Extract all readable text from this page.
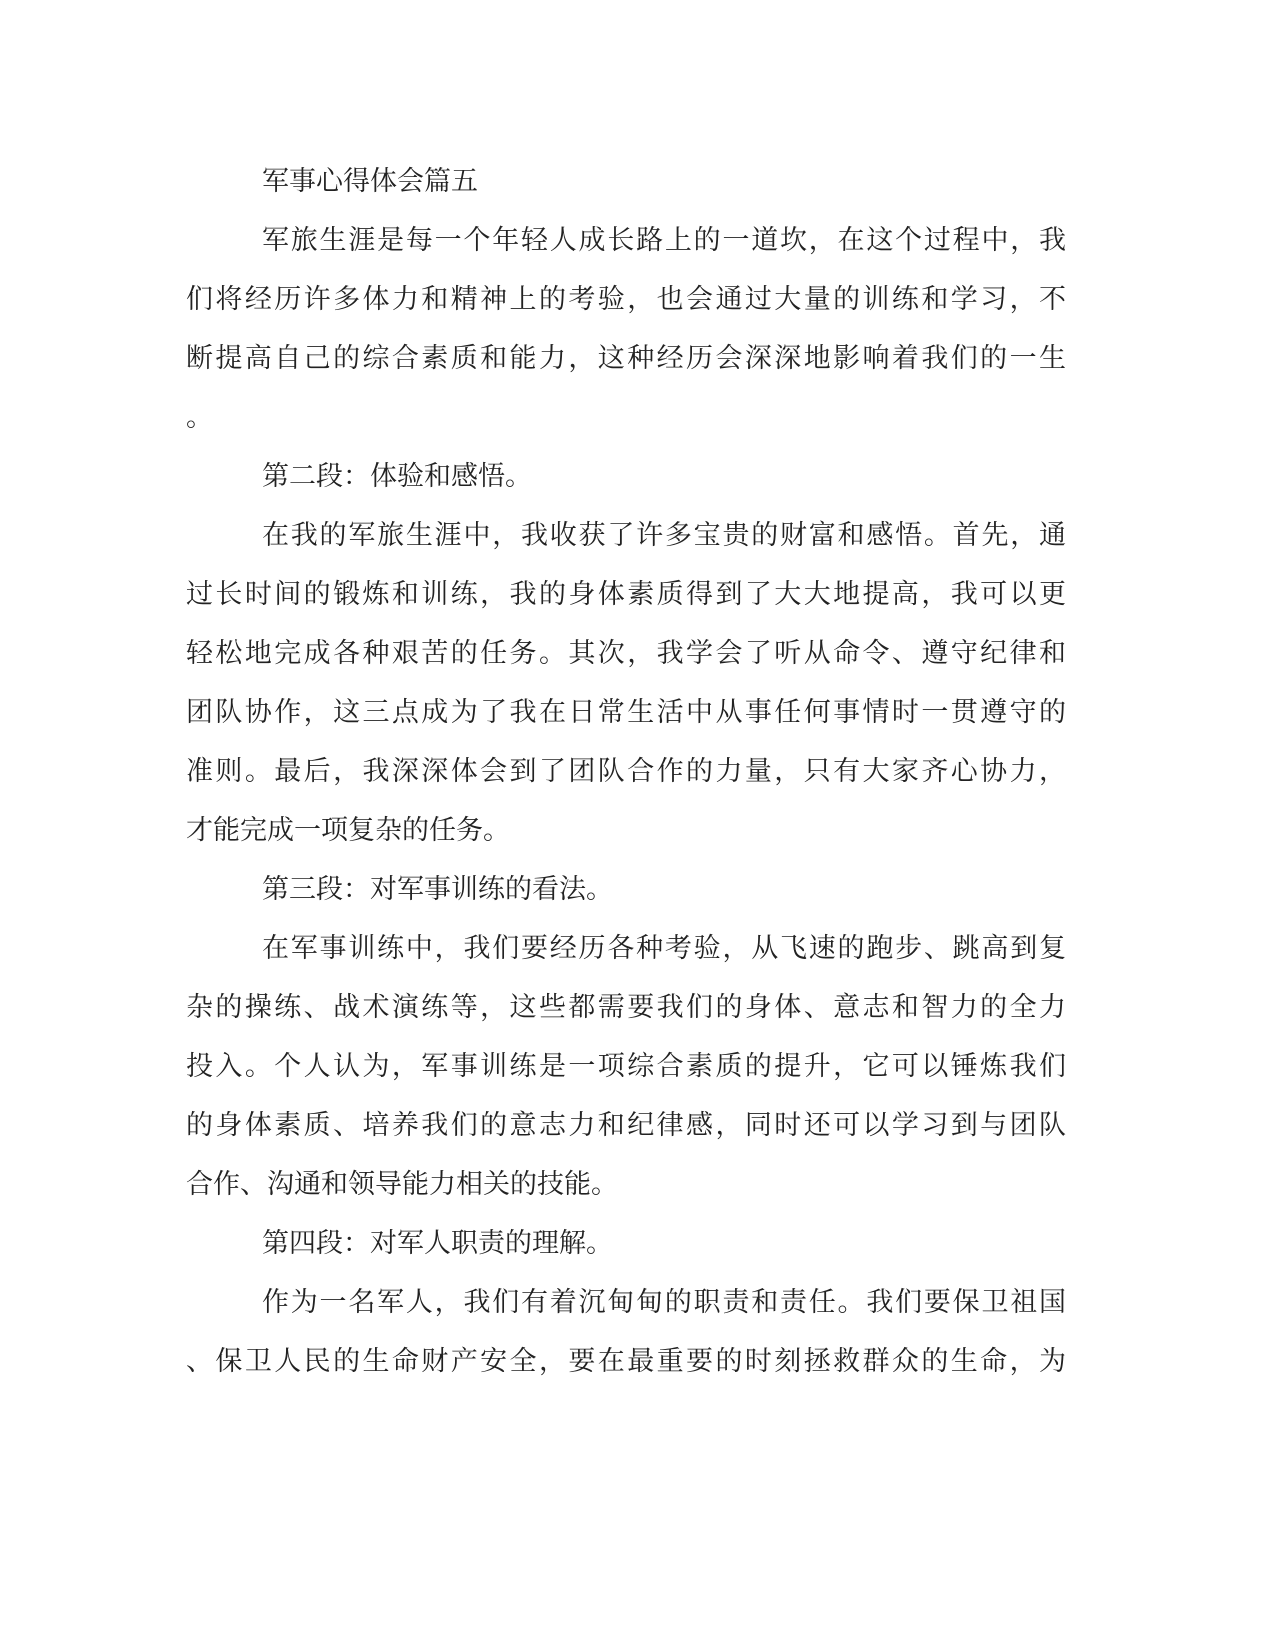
军事心得体会篇五

军旅生涯是每一个年轻人成长路上的一道坎，在这个过程中，我

们将经历许多体力和精神上的考验，也会通过大量的训练和学习，不

断提高自己的综合素质和能力，这种经历会深深地影响着我们的一生

。

第二段：体验和感悟。

在我的军旅生涯中，我收获了许多宝贵的财富和感悟。首先，通

过长时间的锻炼和训练，我的身体素质得到了大大地提高，我可以更

轻松地完成各种艰苦的任务。其次，我学会了听从命令、遵守纪律和

团队协作，这三点成为了我在日常生活中从事任何事情时一贯遵守的

准则。最后，我深深体会到了团队合作的力量，只有大家齐心协力，

才能完成一项复杂的任务。

第三段：对军事训练的看法。

在军事训练中，我们要经历各种考验，从飞速的跑步、跳高到复

杂的操练、战术演练等，这些都需要我们的身体、意志和智力的全力

投入。个人认为，军事训练是一项综合素质的提升，它可以锤炼我们

的身体素质、培养我们的意志力和纪律感，同时还可以学习到与团队

合作、沟通和领导能力相关的技能。

第四段：对军人职责的理解。

作为一名军人，我们有着沉甸甸的职责和责任。我们要保卫祖国

、保卫人民的生命财产安全，要在最重要的时刻拯救群众的生命，为
